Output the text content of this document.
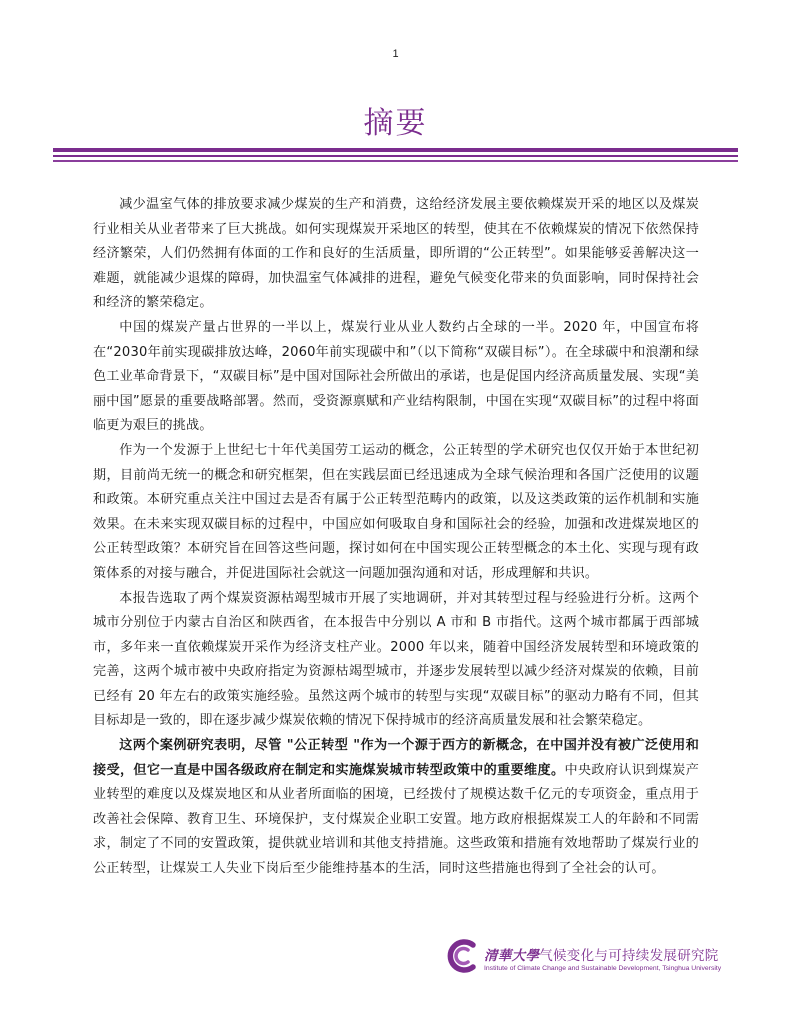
1
摘要

减少温室气体的排放要求减少煤炭的生产和消费，这给经济发展主要依赖煤炭开采的地区以及煤炭行业相关从业者带来了巨大挑战。如何实现煤炭开采地区的转型，使其在不依赖煤炭的情况下依然保持经济繁荣，人们仍然拥有体面的工作和良好的生活质量，即所谓的“公正转型”。如果能够妥善解决这一难题，就能减少退煤的障碍，加快温室气体减排的进程，避免气候变化带来的负面影响，同时保持社会和经济的繁荣稳定。

中国的煤炭产量占世界的一半以上，煤炭行业从业人数约占全球的一半。2020 年，中国宣布将在“2030年前实现碳排放达峰，2060年前实现碳中和”（以下简称“双碳目标”）。在全球碳中和浪潮和绿色工业革命背景下，“双碳目标”是中国对国际社会所做出的承诺，也是促国内经济高质量发展、实现“美丽中国”愿景的重要战略部署。然而，受资源禀赋和产业结构限制，中国在实现“双碳目标”的过程中将面临更为艰巨的挑战。

作为一个发源于上世纪七十年代美国劳工运动的概念，公正转型的学术研究也仅仅开始于本世纪初期，目前尚无统一的概念和研究框架，但在实践层面已经迅速成为全球气候治理和各国广泛使用的议题和政策。本研究重点关注中国过去是否有属于公正转型范畴内的政策，以及这类政策的运作机制和实施效果。在未来实现双碳目标的过程中，中国应如何吸取自身和国际社会的经验，加强和改进煤炭地区的公正转型政策？本研究旨在回答这些问题，探讨如何在中国实现公正转型概念的本土化、实现与现有政策体系的对接与融合，并促进国际社会就这一问题加强沟通和对话，形成理解和共识。

本报告选取了两个煤炭资源枯竭型城市开展了实地调研，并对其转型过程与经验进行分析。这两个城市分别位于内蒙古自治区和陕西省，在本报告中分别以 A 市和 B 市指代。这两个城市都属于西部城市，多年来一直依赖煤炭开采作为经济支柱产业。2000 年以来，随着中国经济发展转型和环境政策的完善，这两个城市被中央政府指定为资源枯竭型城市，并逐步发展转型以减少经济对煤炭的依赖，目前已经有 20 年左右的政策实施经验。虽然这两个城市的转型与实现“双碳目标”的驱动力略有不同，但其目标却是一致的，即在逐步减少煤炭依赖的情况下保持城市的经济高质量发展和社会繁荣稳定。

这两个案例研究表明，尽管 "公正转型 "作为一个源于西方的新概念，在中国并没有被广泛使用和接受，但它一直是中国各级政府在制定和实施煤炭城市转型政策中的重要维度。中央政府认识到煤炭产业转型的难度以及煤炭地区和从业者所面临的困境，已经拨付了规模达数千亿元的专项资金，重点用于改善社会保障、教育卫生、环境保护，支付煤炭企业职工安置。地方政府根据煤炭工人的年龄和不同需求，制定了不同的安置政策，提供就业培训和其他支持措施。这些政策和措施有效地帮助了煤炭行业的公正转型，让煤炭工人失业下岗后至少能维持基本的生活，同时这些措施也得到了全社会的认可。

清華大學气候变化与可持续发展研究院
Institute of Climate Change and Sustainable Development, Tsinghua University
